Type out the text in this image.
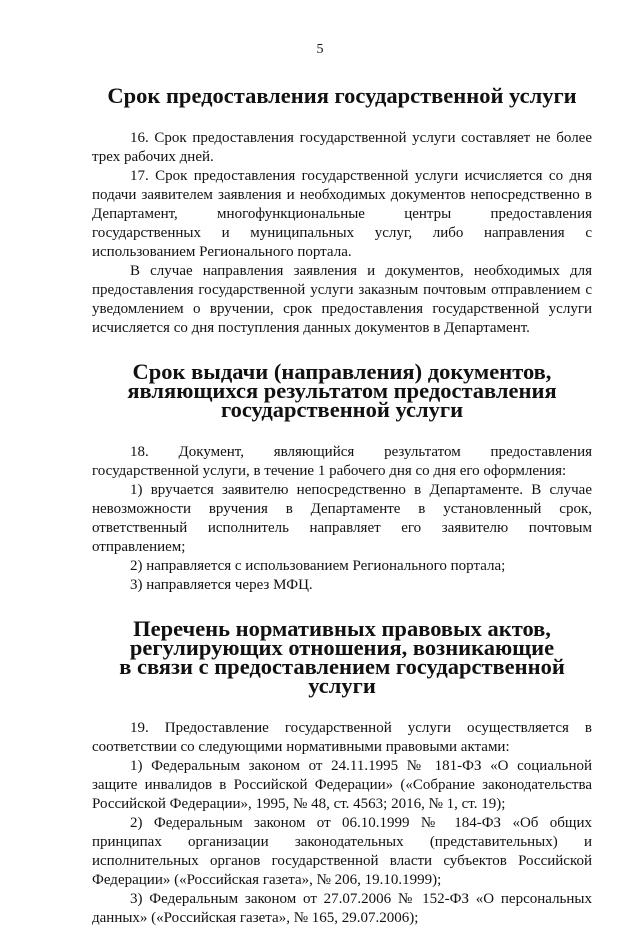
5
Срок предоставления государственной услуги

16. Срок предоставления государственной услуги составляет не более трех рабочих дней.

17. Срок предоставления государственной услуги исчисляется со дня подачи заявителем заявления и необходимых документов непосредственно в Департамент, многофункциональные центры предоставления государственных и муниципальных услуг, либо направления с использованием Регионального портала.

В случае направления заявления и документов, необходимых для предоставления государственной услуги заказным почтовым отправлением с уведомлением о вручении, срок предоставления государственной услуги исчисляется со дня поступления данных документов в Департамент.

Срок выдачи (направления) документов,
являющихся результатом предоставления
государственной услуги

18. Документ, являющийся результатом предоставления государственной услуги, в течение 1 рабочего дня со дня его оформления:

1) вручается заявителю непосредственно в Департаменте. В случае невозможности вручения в Департаменте в установленный срок, ответственный исполнитель направляет его заявителю почтовым отправлением;

2) направляется с использованием Регионального портала;

3) направляется через МФЦ.

Перечень нормативных правовых актов,
регулирующих отношения, возникающие
в связи с предоставлением государственной услуги

19. Предоставление государственной услуги осуществляется в соответствии со следующими нормативными правовыми актами:

1) Федеральным законом от 24.11.1995 № 181-ФЗ «О социальной защите инвалидов в Российской Федерации» («Собрание законодательства Российской Федерации», 1995, № 48, ст. 4563; 2016, № 1, ст. 19);

2) Федеральным законом от 06.10.1999 № 184-ФЗ «Об общих принципах организации законодательных (представительных) и исполнительных органов государственной власти субъектов Российской Федерации» («Российская газета», № 206, 19.10.1999);

3) Федеральным законом от 27.07.2006 № 152-ФЗ «О персональных данных» («Российская газета», № 165, 29.07.2006);
